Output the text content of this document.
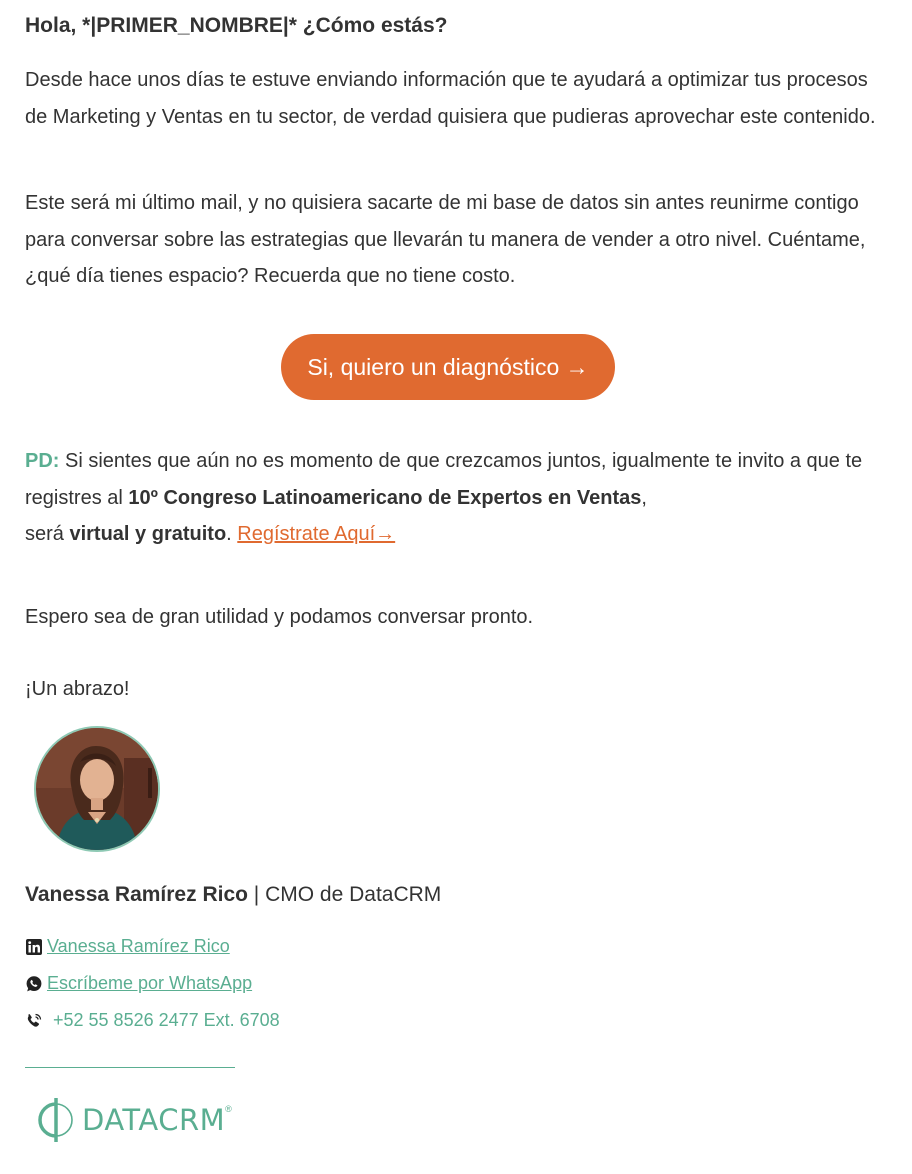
Hola, *|PRIMER_NOMBRE|* ¿Cómo estás?

Desde hace unos días te estuve enviando información que te ayudará a optimizar tus procesos de Marketing y Ventas en tu sector, de verdad quisiera que pudieras aprovechar este contenido.

Este será mi último mail, y no quisiera sacarte de mi base de datos sin antes reunirme contigo para conversar sobre las estrategias que llevarán tu manera de vender a otro nivel. Cuéntame, ¿qué día tienes espacio? Recuerda que no tiene costo.

Si, quiero un diagnóstico →

PD: Si sientes que aún no es momento de que crezcamos juntos, igualmente te invito a que te registres al 10º Congreso Latinoamericano de Expertos en Ventas,
será virtual y gratuito. Regístrate Aquí→

Espero sea de gran utilidad y podamos conversar pronto.
¡Un abrazo!
Vanessa Ramírez Rico | CMO de DataCRM
Vanessa Ramírez Rico
Escríbeme por WhatsApp
+52 55 8526 2477 Ext. 6708
DATACRM ®
